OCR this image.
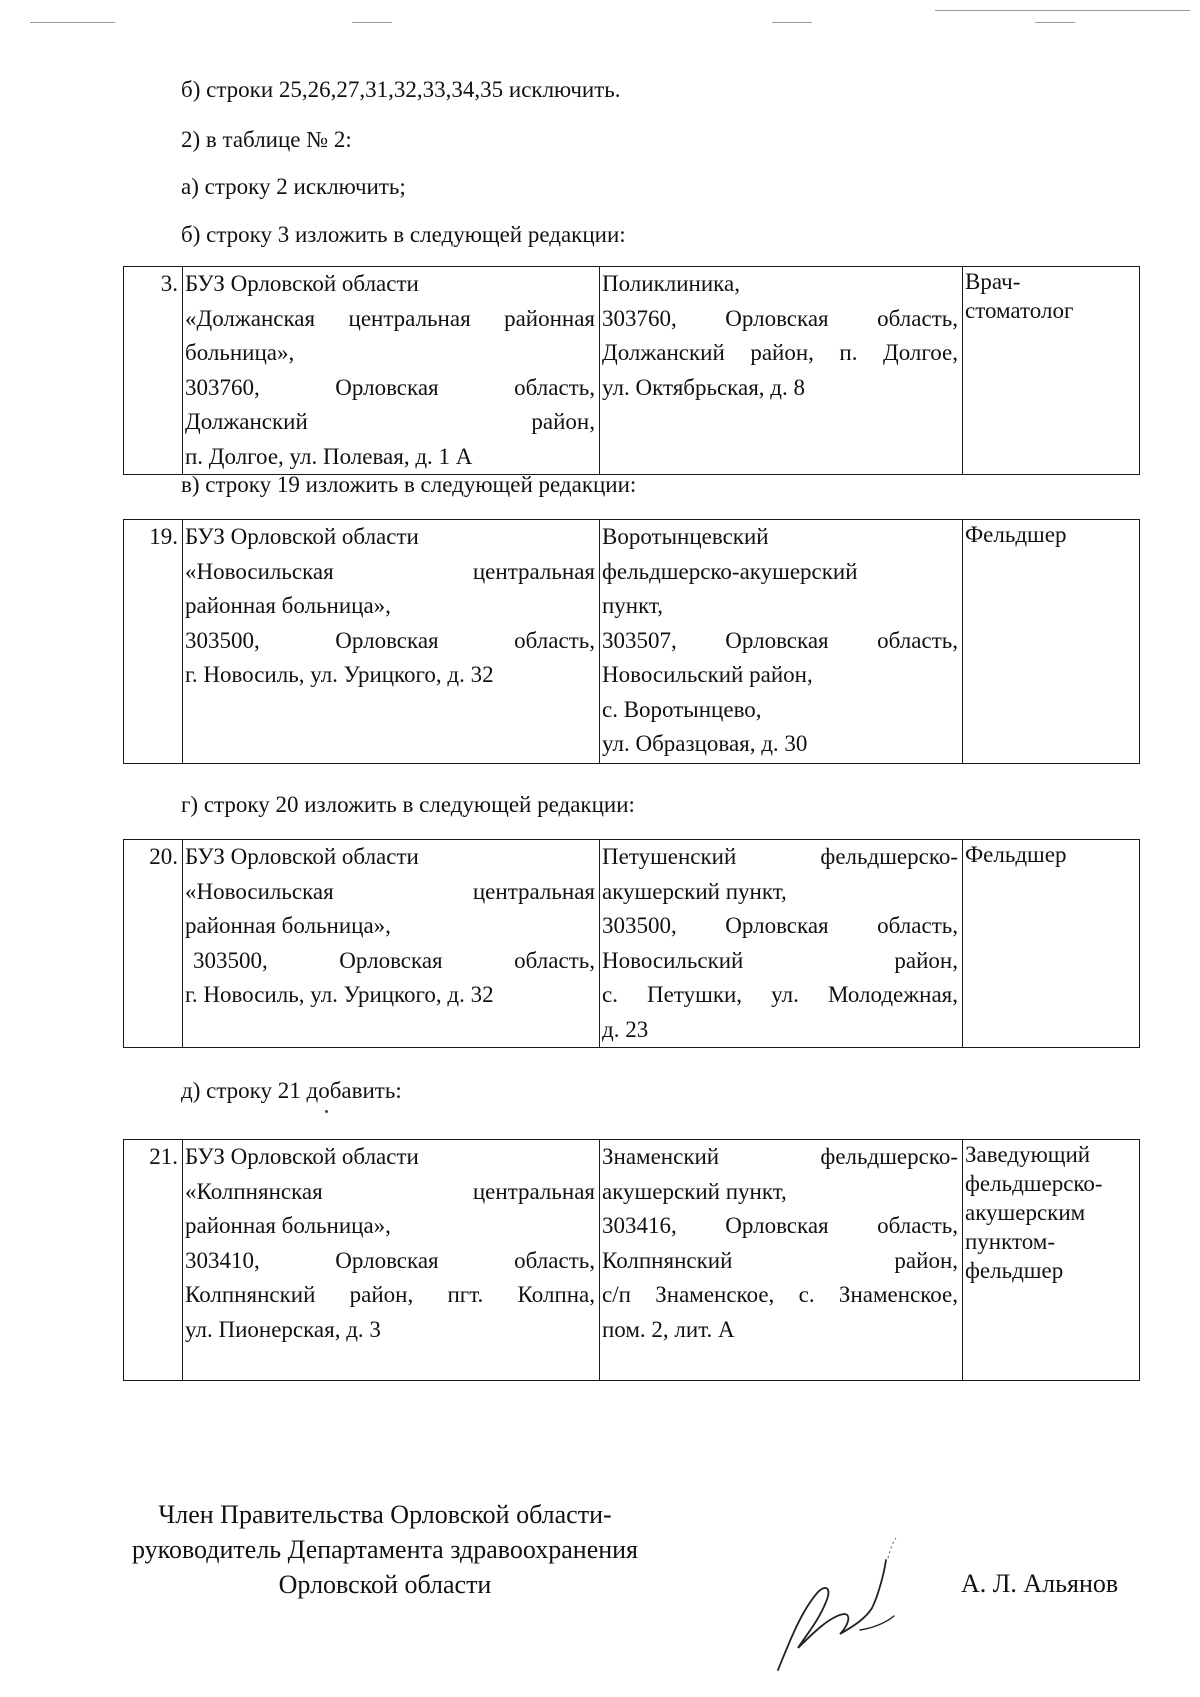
б) строки 25,26,27,31,32,33,34,35 исключить.
2) в таблице № 2:
а) строку 2 исключить;
б) строку 3 изложить в следующей редакции:
3.	БУЗ Орловской области
«Должанская центральная районная
больница»,
303760, Орловская область,
Должанский район,
п. Долгое, ул. Полевая, д. 1 А

Поликлиника,
303760, Орловская область,
Должанский район, п. Долгое,
ул. Октябрьская, д. 8

Врач-
стоматолог
в) строку 19 изложить в следующей редакции:
19.	БУЗ Орловской области
«Новосильская центральная
районная больница»,
303500, Орловская область,
г. Новосиль, ул. Урицкого, д. 32

Воротынцевский
фельдшерско-акушерский
пункт,
303507, Орловская область,
Новосильский район,
с. Воротынцево,
ул. Образцовая, д. 30

Фельдшер
г) строку 20 изложить в следующей редакции:
20.	БУЗ Орловской области
«Новосильская центральная
районная больница»,
303500, Орловская область,
г. Новосиль, ул. Урицкого, д. 32

Петушенский фельдшерско-
акушерский пункт,
303500, Орловская область,
Новосильский район,
с. Петушки, ул. Молодежная,
д. 23

Фельдшер
д) строку 21 добавить:
21.	БУЗ Орловской области
«Колпнянская центральная
районная больница»,
303410, Орловская область,
Колпнянский район, пгт. Колпна,
ул. Пионерская, д. 3

Знаменский фельдшерско-
акушерский пункт,
303416, Орловская область,
Колпнянский район,
с/п Знаменское, с. Знаменское,
пом. 2, лит. А

Заведующий
фельдшерско-
акушерским
пунктом-
фельдшер
Член Правительства Орловской области-
руководитель Департамента здравоохранения
Орловской области	А. Л. Альянов
